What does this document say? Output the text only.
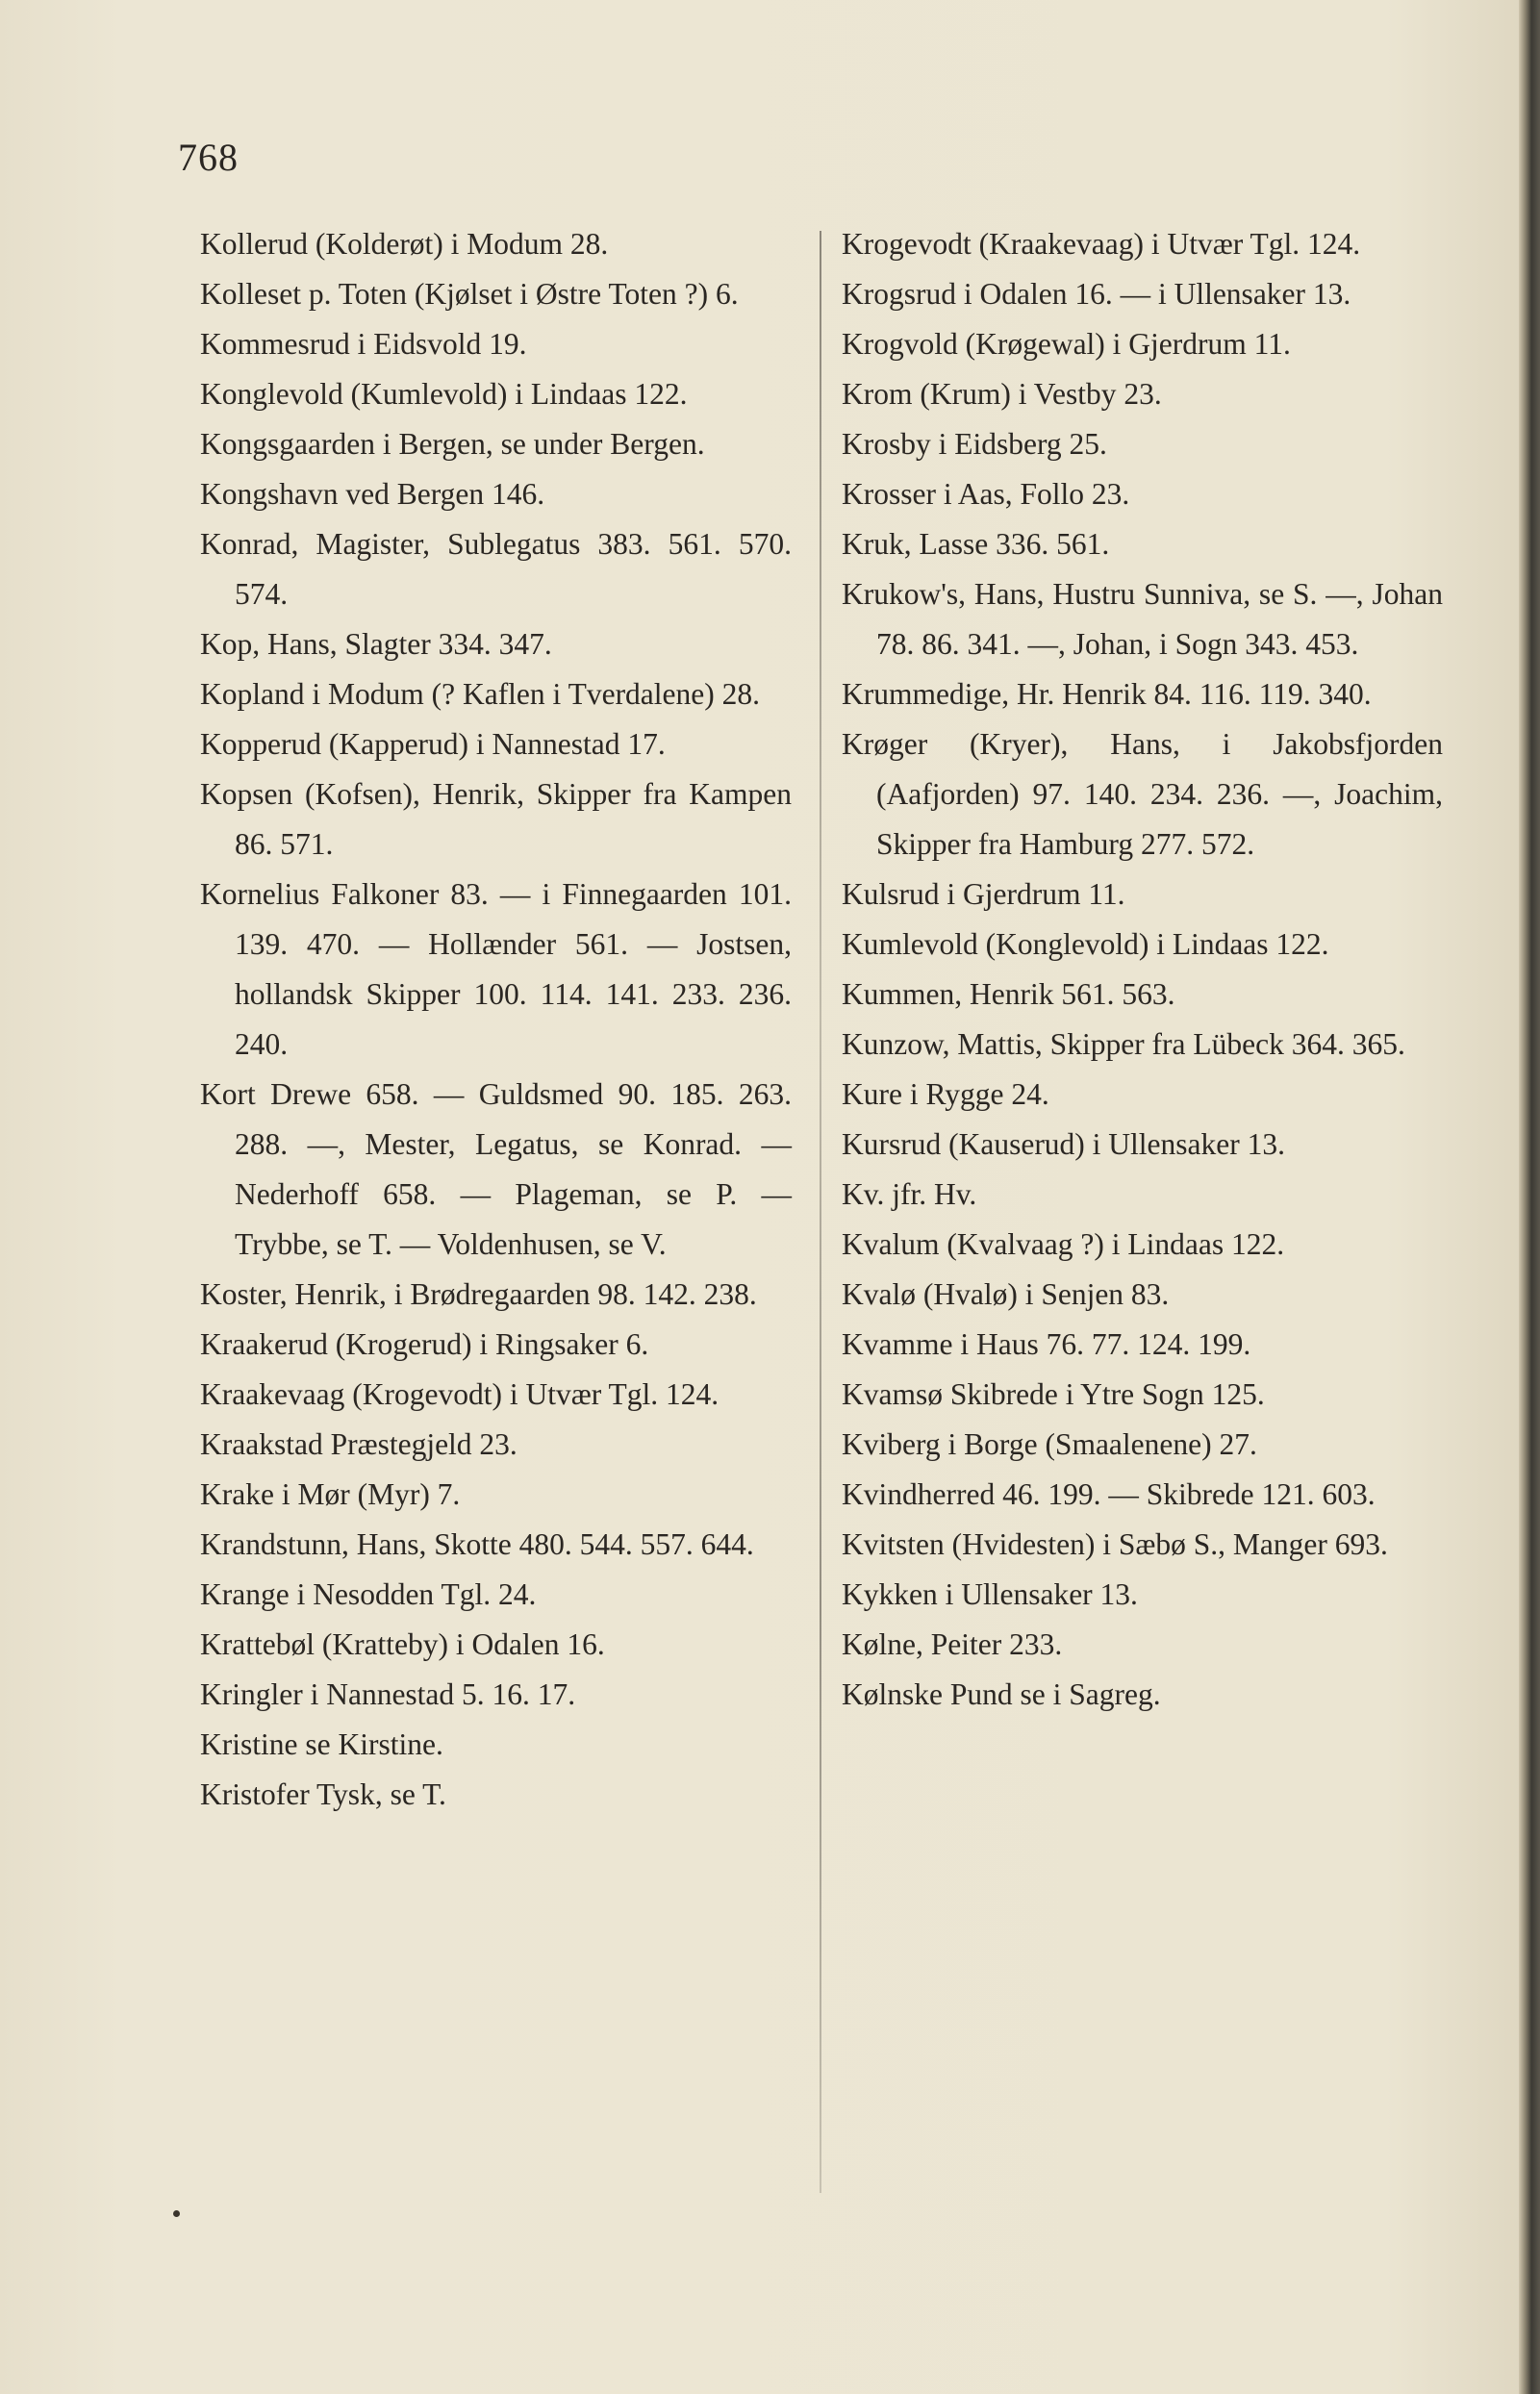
768

Kollerud (Kolderøt) i Modum 28.

Kolleset p. Toten (Kjølset i Østre Toten ?) 6.

Kommesrud i Eidsvold 19.

Konglevold (Kumlevold) i Lindaas 122.

Kongsgaarden i Bergen, se under Bergen.

Kongshavn ved Bergen 146.

Konrad, Magister, Sublegatus 383. 561. 570. 574.

Kop, Hans, Slagter 334. 347.

Kopland i Modum (? Kaflen i Tverdalene) 28.

Kopperud (Kapperud) i Nannestad 17.

Kopsen (Kofsen), Henrik, Skipper fra Kampen 86. 571.

Kornelius Falkoner 83. — i Finnegaarden 101. 139. 470. — Hollænder 561. — Jostsen, hollandsk Skipper 100. 114. 141. 233. 236. 240.

Kort Drewe 658. — Guldsmed 90. 185. 263. 288. —, Mester, Legatus, se Konrad. — Nederhoff 658. — Plageman, se P. — Trybbe, se T. — Voldenhusen, se V.

Koster, Henrik, i Brødregaarden 98. 142. 238.

Kraakerud (Krogerud) i Ringsaker 6.

Kraakevaag (Krogevodt) i Utvær Tgl. 124.

Kraakstad Præstegjeld 23.

Krake i Mør (Myr) 7.

Krandstunn, Hans, Skotte 480. 544. 557. 644.

Krange i Nesodden Tgl. 24.

Krattebøl (Kratteby) i Odalen 16.

Kringler i Nannestad 5. 16. 17.

Kristine se Kirstine.

Kristofer Tysk, se T.

Krogevodt (Kraakevaag) i Utvær Tgl. 124.

Krogsrud i Odalen 16. — i Ullensaker 13.

Krogvold (Krøgewal) i Gjerdrum 11.

Krom (Krum) i Vestby 23.

Krosby i Eidsberg 25.

Krosser i Aas, Follo 23.

Kruk, Lasse 336. 561.

Krukow's, Hans, Hustru Sunniva, se S. —, Johan 78. 86. 341. —, Johan, i Sogn 343. 453.

Krummedige, Hr. Henrik 84. 116. 119. 340.

Krøger (Kryer), Hans, i Jakobsfjorden (Aafjorden) 97. 140. 234. 236. —, Joachim, Skipper fra Hamburg 277. 572.

Kulsrud i Gjerdrum 11.

Kumlevold (Konglevold) i Lindaas 122.

Kummen, Henrik 561. 563.

Kunzow, Mattis, Skipper fra Lübeck 364. 365.

Kure i Rygge 24.

Kursrud (Kauserud) i Ullensaker 13.

Kv. jfr. Hv.

Kvalum (Kvalvaag ?) i Lindaas 122.

Kvalø (Hvalø) i Senjen 83.

Kvamme i Haus 76. 77. 124. 199.

Kvamsø Skibrede i Ytre Sogn 125.

Kviberg i Borge (Smaalenene) 27.

Kvindherred 46. 199. — Skibrede 121. 603.

Kvitsten (Hvidesten) i Sæbø S., Manger 693.

Kykken i Ullensaker 13.

Kølne, Peiter 233.

Kølnske Pund se i Sagreg.
